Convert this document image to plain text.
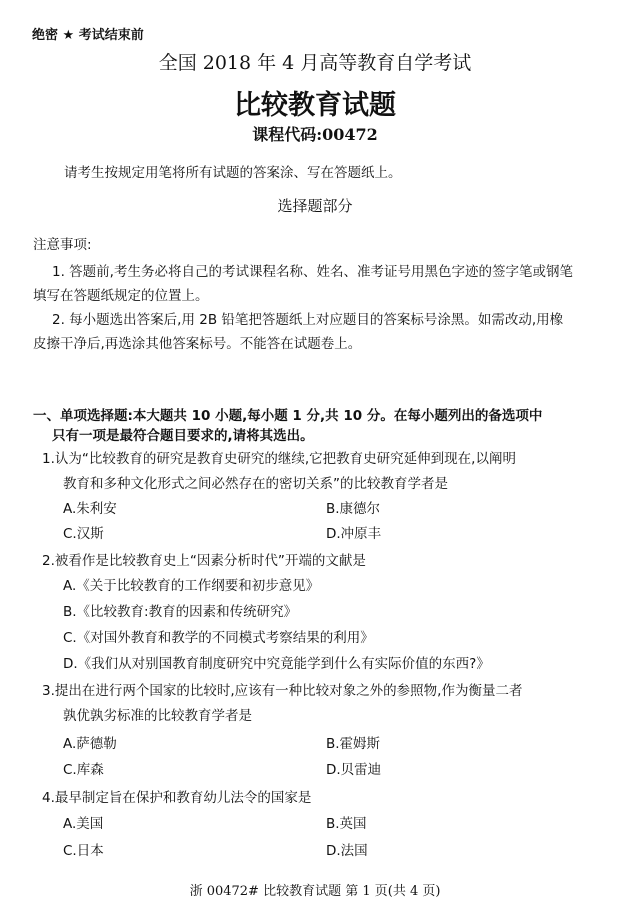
绝密 ★ 考试结束前
全国 2018 年 4 月高等教育自学考试
比较教育试题
课程代码:00472
请考生按规定用笔将所有试题的答案涂、写在答题纸上。
选择题部分
注意事项:
1. 答题前,考生务必将自己的考试课程名称、姓名、准考证号用黑色字迹的签字笔或钢笔
填写在答题纸规定的位置上。
2. 每小题选出答案后,用 2B 铅笔把答题纸上对应题目的答案标号涂黑。如需改动,用橡
皮擦干净后,再选涂其他答案标号。不能答在试题卷上。
一、单项选择题:本大题共 10 小题,每小题 1 分,共 10 分。在每小题列出的备选项中
只有一项是最符合题目要求的,请将其选出。
1.认为“比较教育的研究是教育史研究的继续,它把教育史研究延伸到现在,以阐明
教育和多种文化形式之间必然存在的密切关系”的比较教育学者是
A.朱利安	B.康德尔
C.汉斯	D.冲原丰
2.被看作是比较教育史上“因素分析时代”开端的文献是
A.《关于比较教育的工作纲要和初步意见》
B.《比较教育:教育的因素和传统研究》
C.《对国外教育和教学的不同模式考察结果的利用》
D.《我们从对别国教育制度研究中究竟能学到什么有实际价值的东西?》
3.提出在进行两个国家的比较时,应该有一种比较对象之外的参照物,作为衡量二者
孰优孰劣标准的比较教育学者是
A.萨德勒	B.霍姆斯
C.库森	D.贝雷迪
4.最早制定旨在保护和教育幼儿法令的国家是
A.美国	B.英国
C.日本	D.法国
浙 00472# 比较教育试题 第 1 页(共 4 页)
